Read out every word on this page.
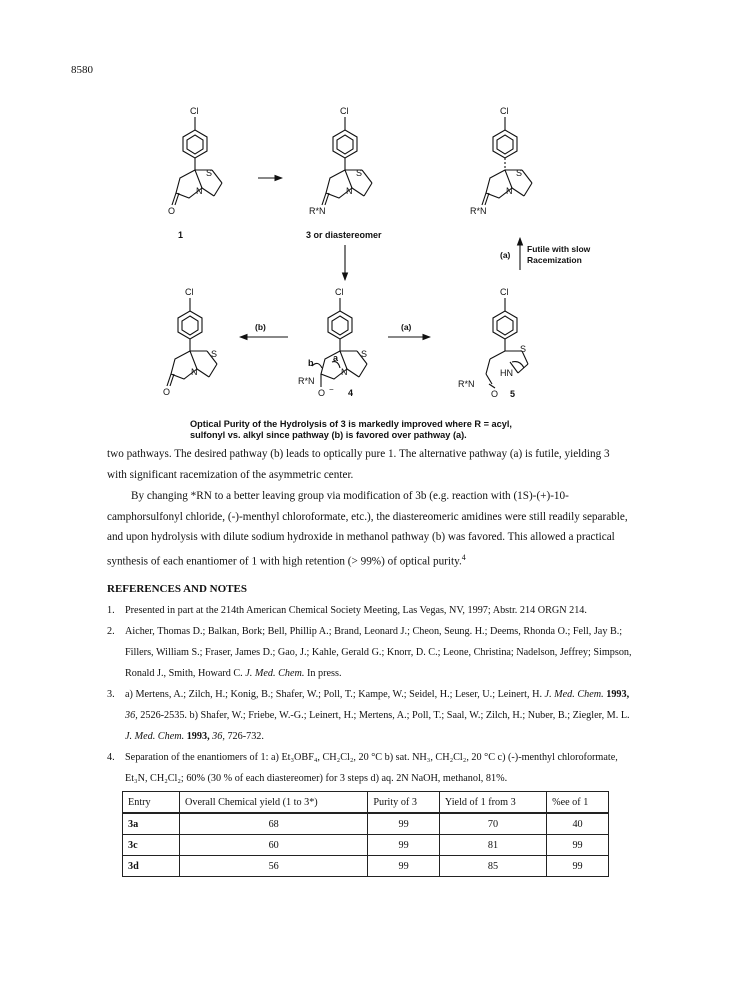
8580
Cl
S
N
O
1
Cl
S
N
R*N
3 or diastereomer
Cl
S
N
R*N
(a)
Futile with slow
Racemization
Cl
S
N
O
(b)
Cl
S
N
b a
R*N
O − 4
(a)
Cl
S
HN
R*N
O 5
Optical Purity of the Hydrolysis of 3 is markedly improved where R = acyl,
sulfonyl vs. alkyl since pathway (b) is favored over pathway (a).
two pathways. The desired pathway (b) leads to optically pure 1. The alternative pathway (a) is futile, yielding 3 with significant racemization of the asymmetric center.
By changing *RN to a better leaving group via modification of 3b (e.g. reaction with (1S)-(+)-10-camphorsulfonyl chloride, (-)-menthyl chloroformate, etc.), the diastereomeric amidines were still readily separable, and upon hydrolysis with dilute sodium hydroxide in methanol pathway (b) was favored. This allowed a practical synthesis of each enantiomer of 1 with high retention (> 99%) of optical purity.$^4$
REFERENCES AND NOTES
1. Presented in part at the 214th American Chemical Society Meeting, Las Vegas, NV, 1997; Abstr. 214 ORGN 214.
2. Aicher, Thomas D.; Balkan, Bork; Bell, Phillip A.; Brand, Leonard J.; Cheon, Seung. H.; Deems, Rhonda O.; Fell, Jay B.; Fillers, William S.; Fraser, James D.; Gao, J.; Kahle, Gerald G.; Knorr, D. C.; Leone, Christina; Nadelson, Jeffrey; Simpson, Ronald J., Smith, Howard C. J. Med. Chem. In press.
3. a) Mertens, A.; Zilch, H.; Konig, B.; Shafer, W.; Poll, T.; Kampe, W.; Seidel, H.; Leser, U.; Leinert, H. J. Med. Chem. 1993, 36, 2526-2535. b) Shafer, W.; Friebe, W.-G.; Leinert, H.; Mertens, A.; Poll, T.; Saal, W.; Zilch, H.; Nuber, B.; Ziegler, M. L. J. Med. Chem. 1993, 36, 726-732.
4. Separation of the enantiomers of 1: a) Et₃OBF₄, CH₂Cl₂, 20 °C b) sat. NH₃, CH₂Cl₂, 20 °C c) (-)-menthyl chloroformate, Et₃N, CH₂Cl₂; 60% (30 % of each diastereomer) for 3 steps d) aq. 2N NaOH, methanol, 81%.
Entry	Overall Chemical yield (1 to 3*)	Purity of 3	Yield of 1 from 3	%ee of 1
3a	68	99	70	40
3c	60	99	81	99
3d	56	99	85	99
